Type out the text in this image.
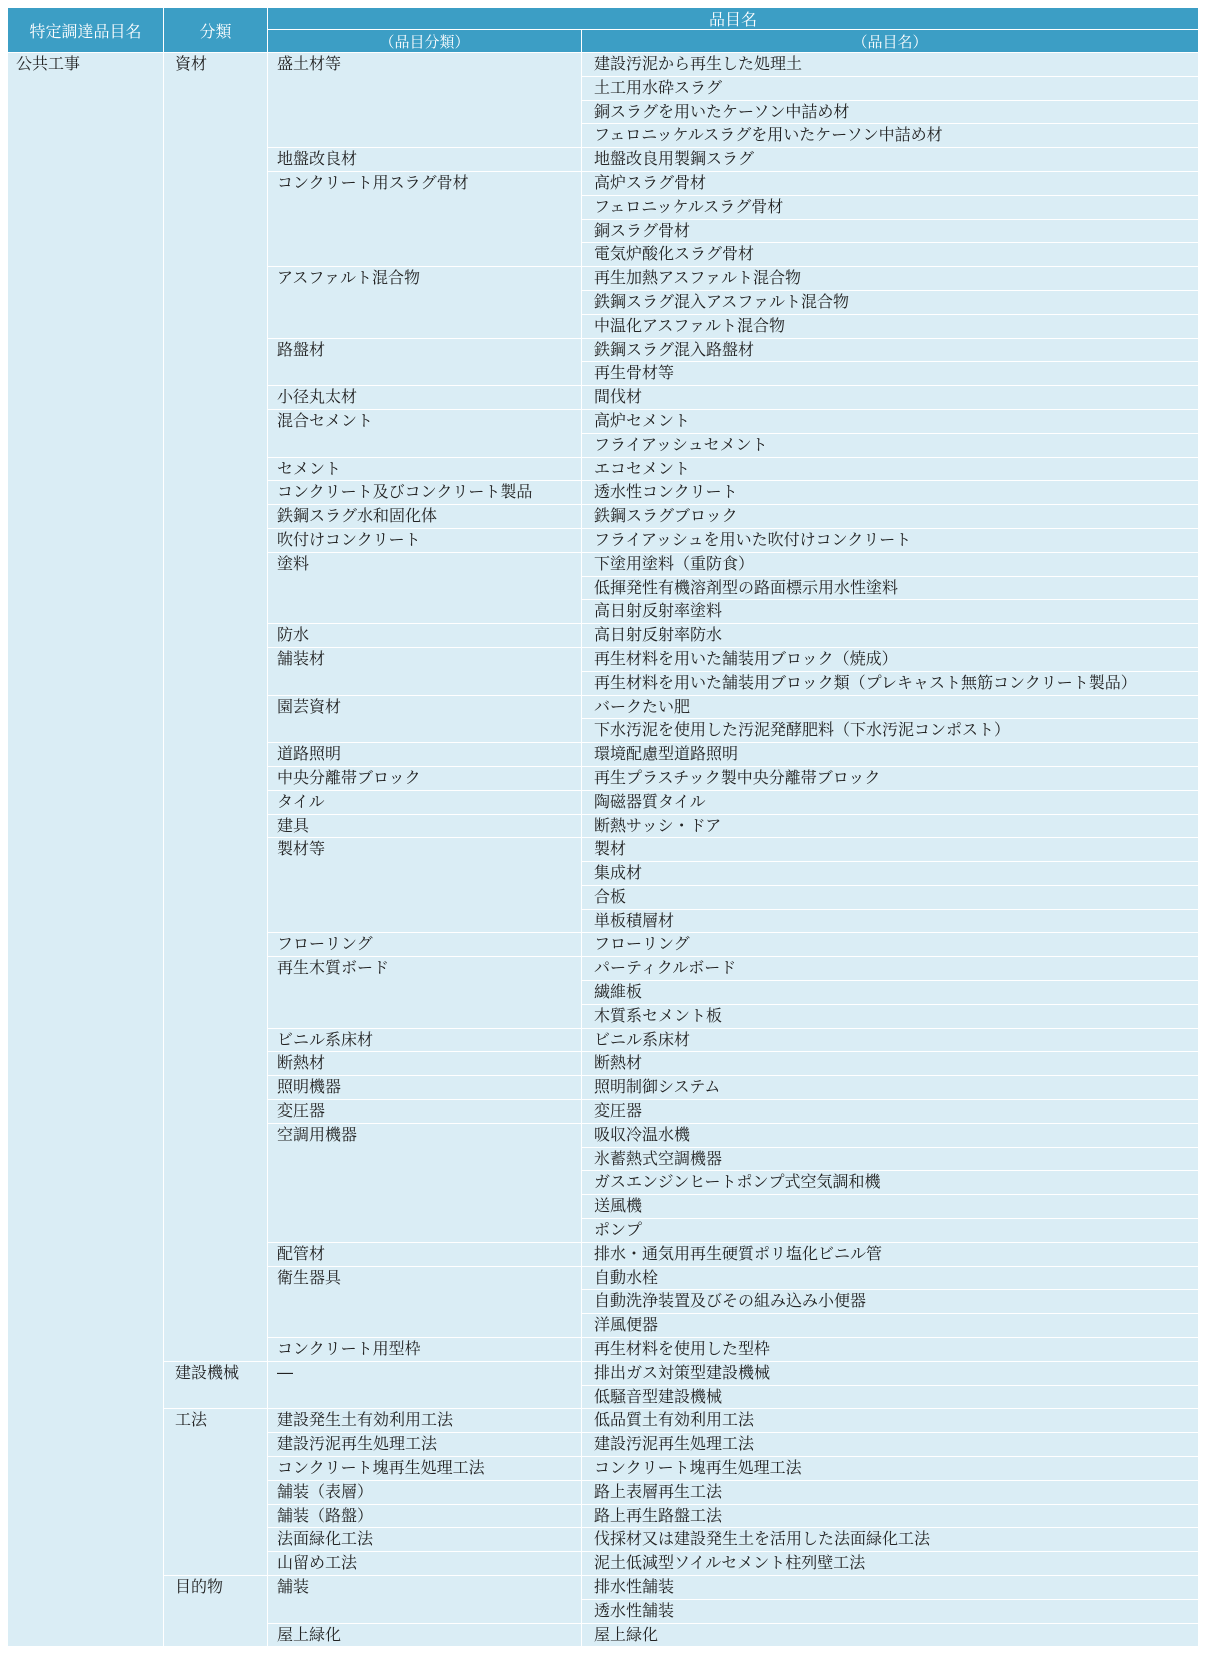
特定調達品目名	分類
品目名
（品目分類）	（品目名）
公共工事	資材	盛土材等	建設汚泥から再生した処理土
土工用水砕スラグ
銅スラグを用いたケーソン中詰め材
フェロニッケルスラグを用いたケーソン中詰め材
地盤改良材	地盤改良用製鋼スラグ
コンクリート用スラグ骨材	高炉スラグ骨材
フェロニッケルスラグ骨材
銅スラグ骨材
電気炉酸化スラグ骨材
アスファルト混合物	再生加熱アスファルト混合物
鉄鋼スラグ混入アスファルト混合物
中温化アスファルト混合物
路盤材	鉄鋼スラグ混入路盤材
再生骨材等
小径丸太材	間伐材
混合セメント	高炉セメント
フライアッシュセメント
セメント	エコセメント
コンクリート及びコンクリート製品	透水性コンクリート
鉄鋼スラグ水和固化体	鉄鋼スラグブロック
吹付けコンクリート	フライアッシュを用いた吹付けコンクリート
塗料	下塗用塗料（重防食）
低揮発性有機溶剤型の路面標示用水性塗料
高日射反射率塗料
防水	高日射反射率防水
舗装材	再生材料を用いた舗装用ブロック（焼成）
再生材料を用いた舗装用ブロック類（プレキャスト無筋コンクリート製品）
園芸資材	バークたい肥
下水汚泥を使用した汚泥発酵肥料（下水汚泥コンポスト）
道路照明	環境配慮型道路照明
中央分離帯ブロック	再生プラスチック製中央分離帯ブロック
タイル	陶磁器質タイル
建具	断熱サッシ・ドア
製材等	製材
集成材
合板
単板積層材
フローリング	フローリング
再生木質ボード	パーティクルボード
繊維板
木質系セメント板
ビニル系床材	ビニル系床材
断熱材	断熱材
照明機器	照明制御システム
変圧器	変圧器
空調用機器	吸収冷温水機
氷蓄熱式空調機器
ガスエンジンヒートポンプ式空気調和機
送風機
ポンプ
配管材	排水・通気用再生硬質ポリ塩化ビニル管
衛生器具	自動水栓
自動洗浄装置及びその組み込み小便器
洋風便器
コンクリート用型枠	再生材料を使用した型枠
建設機械	―	排出ガス対策型建設機械
低騒音型建設機械
工法	建設発生土有効利用工法	低品質土有効利用工法
建設汚泥再生処理工法	建設汚泥再生処理工法
コンクリート塊再生処理工法	コンクリート塊再生処理工法
舗装（表層）	路上表層再生工法
舗装（路盤）	路上再生路盤工法
法面緑化工法	伐採材又は建設発生土を活用した法面緑化工法
山留め工法	泥土低減型ソイルセメント柱列壁工法
目的物	舗装	排水性舗装
透水性舗装
屋上緑化	屋上緑化
